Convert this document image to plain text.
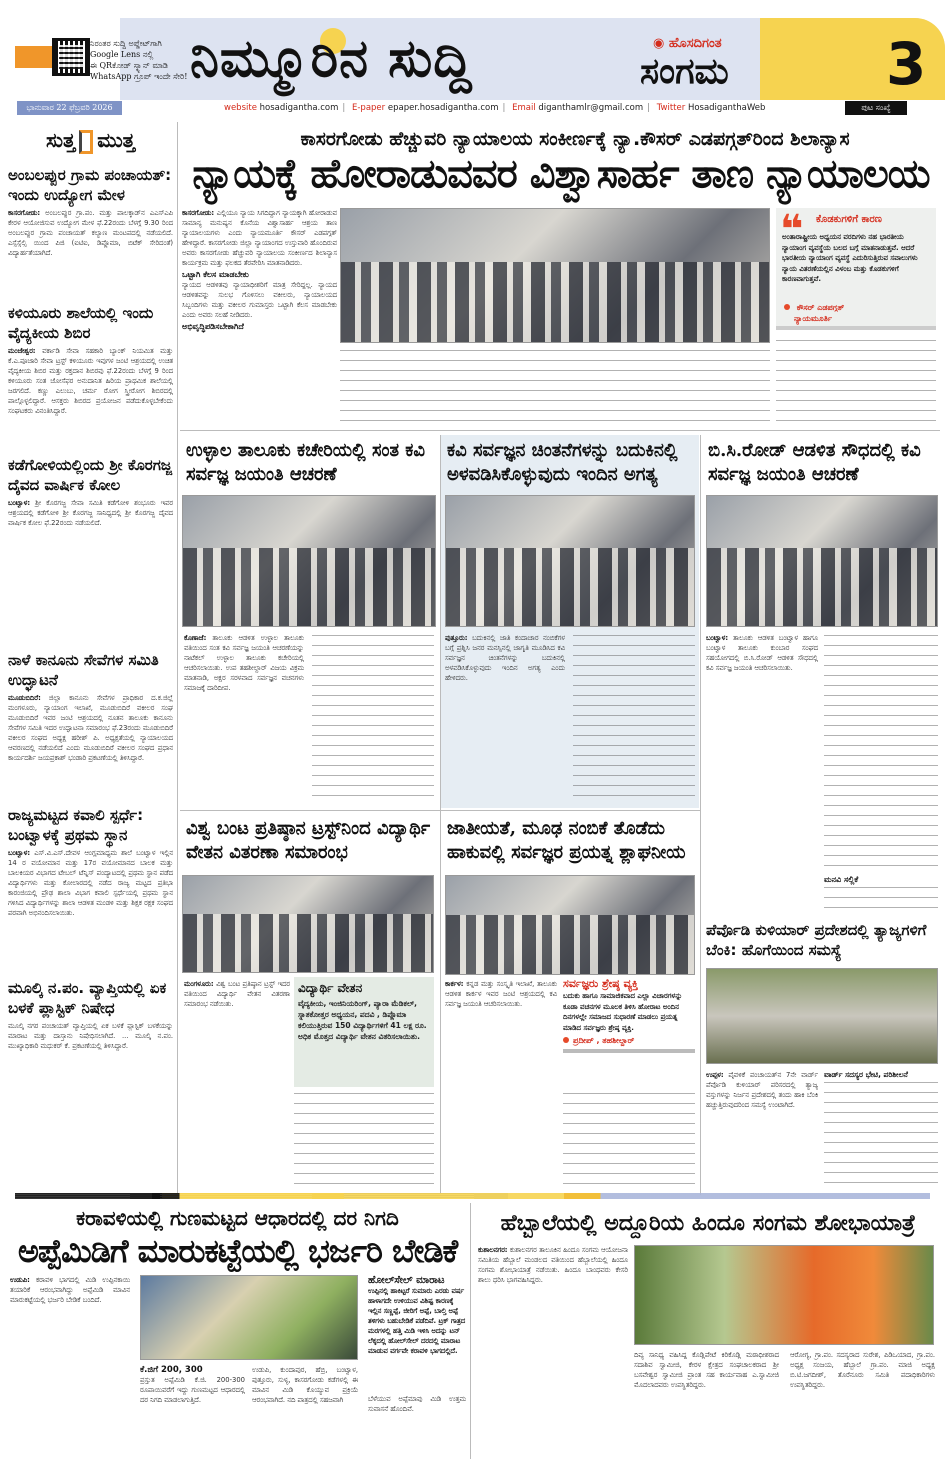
ನಿರಂತರ ಸುದ್ದಿ ಅಪ್ಡೇಟ್‌ಗಾಗಿ
Google Lens ನಲ್ಲಿ
ಈ QRಕೋಡ್ ಸ್ಕ್ಯಾನ್ ಮಾಡಿ
WhatsApp ಗ್ರೂಪ್ ಇಂದೇ ಸೇರಿ! ನಿಮ್ಮೂರಿನ ಸುದ್ದಿ	◉ ಹೊಸದಿಗಂತ
ಸಂಗಮ	3
ಭಾನುವಾರ 22 ಫೆಬ್ರವರಿ 2026	website hosadigantha.com | E-paper epaper.hosadigantha.com | Email diganthamlr@gmail.com | Twitter HosadiganthaWeb	ಪುಟ ಸಂಖ್ಯೆ
ಸುತ್ತ ಮುತ್ತ
ಅಂಬಲಪ್ಪುರ ಗ್ರಾಮ ಪಂಚಾಯತ್: ಇಂದು ಉದ್ಯೋಗ ಮೇಳ
ಕಾಸರಗೋಡು: ಅಂಬಲಪ್ಪುರ ಗ್ರಾ.ಪಂ. ಮತ್ತು ಪಾಲಕ್ಕಾಡ್‌ನ ಎಎಸ್‌ಎಪಿ ಕೇರಳ ಆಯೋಜಿಸುವ ಉದ್ಯೋಗ ಮೇಳ ಫೆ.22ರಂದು ಬೆಳಗ್ಗೆ 9.30 ರಿಂದ ಅಂಬಲಪ್ಪುರ ಗ್ರಾಮ ಪಂಚಾಯತ್ ಕಲ್ಯಾಣ ಮಂಟಪದಲ್ಲಿ ನಡೆಯಲಿದೆ. ಎಸ್ಸೆಸ್ಸೆಲ್ಸಿ ಯಿಂದ ಪಿಜಿ (ಐಟಿಐ, ಡಿಪ್ಲೊಮಾ, ಬಿಟೆಕ್ ಸೇರಿದಂತೆ) ವಿದ್ಯಾರ್ಹತೆಯಾಗಿದೆ.
ಕಳಿಯೂರು ಶಾಲೆಯಲ್ಲಿ ಇಂದು ವೈದ್ಯಕೀಯ ಶಿಬಿರ
ಮಂಜೇಶ್ವರ: ವರ್ಕಾಡಿ ಸೇವಾ ಸಹಕಾರಿ ಬ್ಯಾಂಕ್ ನಿಯಮಿತ ಮತ್ತು ಕೆ.ಎ.ಪೂಜಾರಿ ಸೇವಾ ಟ್ರಸ್ಟ್ ಕಳಿಯೂರು ಇವುಗಳ ಜಂಟಿ ಆಶ್ರಯದಲ್ಲಿ ಉಚಿತ ವೈದ್ಯಕೀಯ ಶಿಬಿರ ಮತ್ತು ರಕ್ತದಾನ ಶಿಬಿರವು ಫೆ.22ರಂದು ಬೆಳಗ್ಗೆ 9 ರಿಂದ ಕಳಿಯೂರು ಸಂತ ಜೋಸೆಫರ ಅನುದಾನಿತ ಹಿರಿಯ ಪ್ರಾಥಮಿಕ ಶಾಲೆಯಲ್ಲಿ ಜರಗಲಿದೆ. ಕಣ್ಣು ಎಲುಬು, ಚರ್ಮ ರೋಗ ಸ್ತ್ರೀರೋಗ ಶಿಬಿರದಲ್ಲಿ ಪಾಲ್ಗೊಳ್ಳಲಿದ್ದಾರೆ. ಆಸಕ್ತರು ಶಿಬಿರದ ಪ್ರಯೋಜನ ಪಡೆದುಕೊಳ್ಳಬೇಕೆಂದು ಸಂಘಟಕರು ವಿನಂತಿಸಿದ್ದಾರೆ.
ಕಡೆಗೋಳಿಯಲ್ಲಿಂದು ಶ್ರೀ ಕೊರಗಜ್ಜ ದೈವದ ವಾರ್ಷಿಕ ಕೋಲ
ಬಂಟ್ವಾಳ: ಶ್ರೀ ಕೊರಗಜ್ಜ ಸೇವಾ ಸಮಿತಿ ಕಡೆಗೋಳಿ ಶಂಭೂರು ಇವರ ಆಶ್ರಯದಲ್ಲಿ ಕಡೆಗೋಳಿ ಶ್ರೀ ಕೊರಗಜ್ಜ ಸಾನಿಧ್ಯದಲ್ಲಿ ಶ್ರೀ ಕೊರಗಜ್ಜ ದೈವದ ವಾರ್ಷಿಕ ಕೋಲ ಫೆ.22ರಂದು ನಡೆಯಲಿದೆ.
ನಾಳೆ ಕಾನೂನು ಸೇವೆಗಳ ಸಮಿತಿ ಉದ್ಘಾಟನೆ
ಮೂಡುಬಿದಿರೆ: ಜಿಲ್ಲಾ ಕಾನೂನು ಸೇವೆಗಳ ಪ್ರಾಧಿಕಾರ ದ.ಕ.ಜಿಲ್ಲೆ ಮಂಗಳೂರು, ನ್ಯಾಯಾಂಗ ಇಲಾಖೆ, ಮೂಡುಬಿದಿರೆ ವಕೀಲರ ಸಂಘ ಮೂಡುಬಿದಿರೆ ಇವರ ಜಂಟಿ ಆಶ್ರಯದಲ್ಲಿ ನೂತನ ತಾಲೂಕು ಕಾನೂನು ಸೇವೆಗಳ ಸಮಿತಿ ಇದರ ಉದ್ಘಾಟನಾ ಸಮಾರಂಭ ಫೆ.23ರಂದು ಮೂಡುಬಿದಿರೆ ವಕೀಲರ ಸಂಘದ ಅಧ್ಯಕ್ಷ ಹರೀಶ್ ಪಿ. ಅಧ್ಯಕ್ಷತೆಯಲ್ಲಿ ನ್ಯಾಯಾಲಯದ ಆವರಣದಲ್ಲಿ ನಡೆಯಲಿದೆ ಎಂದು ಮೂಡುಬಿದಿರೆ ವಕೀಲರ ಸಂಘದ ಪ್ರಧಾನ ಕಾರ್ಯದರ್ಶಿ ಜಯಪ್ರಕಾಶ್ ಭಂಡಾರಿ ಪ್ರಕಟಣೆಯಲ್ಲಿ ತಿಳಿಸಿದ್ದಾರೆ.
ರಾಜ್ಯಮಟ್ಟದ ಕವಾಲಿ ಸ್ಪರ್ಧೆ: ಬಂಟ್ವಾಳಕ್ಕೆ ಪ್ರಥಮ ಸ್ಥಾನ
ಬಂಟ್ವಾಳ: ಎಸ್.ವಿ.ಎಸ್.ದೇವಳ ಆಂಗ್ಲಮಾಧ್ಯಮ ಶಾಲೆ ಬಂಟ್ವಾಳ ಇಲ್ಲಿನ 14 ರ ವಯೋಮಾನ ಮತ್ತು 17ರ ವಯೋಮಾನದ ಬಾಲಕ ಮತ್ತು ಬಾಲಕಿಯರ ವಿಭಾಗದ ಟೇಬಲ್ ಟೆನ್ನಿಸ್ ಪಂದ್ಯಾಟದಲ್ಲಿ ಪ್ರಥಮ ಸ್ಥಾನ ಪಡೆದ ವಿದ್ಯಾರ್ಥಿಗಳು ಮತ್ತು ಕೋಲಾರದಲ್ಲಿ ನಡೆದ ರಾಜ್ಯ ಮಟ್ಟದ ಪ್ರತಿಭಾ ಕಾರಂಜಿಯಲ್ಲಿ ಪ್ರೌಢ ಶಾಲಾ ವಿಭಾಗ ಕವಾಲಿ ಸ್ಪರ್ಧೆಯಲ್ಲಿ ಪ್ರಥಮ ಸ್ಥಾನ ಗಳಿಸಿದ ವಿದ್ಯಾರ್ಥಿಗಳನ್ನು ಶಾಲಾ ಆಡಳಿತ ಮಂಡಳಿ ಮತ್ತು ಶಿಕ್ಷಕ ರಕ್ಷಕ ಸಂಘದ ಪರವಾಗಿ ಅಭಿನಂದಿಸಲಾಯಿತು.
ಮೂಲ್ಕಿ ನ.ಪಂ. ವ್ಯಾಪ್ತಿಯಲ್ಲಿ ಏಕ ಬಳಕೆ ಪ್ಲಾಸ್ಟಿಕ್ ನಿಷೇಧ
ಮೂಲ್ಕಿ ನಗರ ಪಂಚಾಯತ್ ವ್ಯಾಪ್ತಿಯಲ್ಲಿ ಏಕ ಬಳಕೆ ಪ್ಲಾಸ್ಟಿಕ್ ಬಳಕೆಯನ್ನು ಮಾರಾಟ ಮತ್ತು ದಾಸ್ತಾನು ನಿಷೇಧಿಸಲಾಗಿದೆ. ... ಮೂಲ್ಕಿ ನ.ಪಂ. ಮುಖ್ಯಾಧಿಕಾರಿ ಮಧುಕರ್ ಕೆ. ಪ್ರಕಟಣೆಯಲ್ಲಿ ತಿಳಿಸಿದ್ದಾರೆ.
ಕಾಸರಗೋಡು ಹೆಚ್ಚುವರಿ ನ್ಯಾಯಾಲಯ ಸಂಕೀರ್ಣಕ್ಕೆ ನ್ಯಾ.ಕೌಸರ್ ಎಡಪಗ್ಗತ್‌ರಿಂದ ಶಿಲಾನ್ಯಾಸ
ನ್ಯಾಯಕ್ಕೆ ಹೋರಾಡುವವರ ವಿಶ್ವಾಸಾರ್ಹ ತಾಣ ನ್ಯಾಯಾಲಯ
ಕಾಸರಗೋಡು: ಎಲ್ಲಿಯೂ ನ್ಯಾಯ ಸಿಗದಿದ್ದಾಗ ನ್ಯಾಯಕ್ಕಾಗಿ ಹೋರಾಡುವ ಸಾಮಾನ್ಯ ಮನುಷ್ಯನ ಕೊನೆಯ ವಿಶ್ವಾಸಾರ್ಹ ಆಶ್ರಯ ತಾಣ ನ್ಯಾಯಾಲಯಗಳು ಎಂದು ನ್ಯಾಯಮೂರ್ತಿ ಕೌಸರ್ ಎಡಪಗ್ಗತ್ ಹೇಳಿದ್ದಾರೆ. ಕಾಸರಗೋಡು ಜಿಲ್ಲಾ ನ್ಯಾಯಾಂಗದ ಉಸ್ತುವಾರಿ ಹೊಂದಿರುವ ಅವರು ಕಾಸರಗೋಡು ಹೆಚ್ಚುವರಿ ನ್ಯಾಯಾಲಯ ಸಂಕೀರ್ಣದ ಶಿಲಾನ್ಯಾಸ ಕಾರ್ಯಕ್ರಮ ಮತ್ತು ಫಲಕದ ತೆರವೇರಿಸಿ ಮಾತನಾಡಿದರು.
ಒಟ್ಟಾಗಿ ಕೆಲಸ ಮಾಡಬೇಕು
ನ್ಯಾಯದ ಆಡಳಿತವು ನ್ಯಾಯಾಧೀಶರಿಗೆ ಮಾತ್ರ ಸೇರಿದ್ದಲ್ಲ. ನ್ಯಾಯದ ಆಡಳಿತವನ್ನು ಸುಲಭ ಗೊಳಿಸಲು ವಕೀಲರು, ನ್ಯಾಯಾಲಯದ ಸಿಬ್ಬಂದಿಗಳು ಮತ್ತು ವಕೀಲರ ಗುಮಾಸ್ತರು ಒಟ್ಟಾಗಿ ಕೆಲಸ ಮಾಡಬೇಕು ಎಂದು ಅವರು ಸಲಹೆ ನೀಡಿದರು.
ಅಭಿವೃದ್ಧಿಪಡಿಸಬೇಕಾಗಿದೆ
❝ ಕೊಡಕುಗಳಿಗೆ ಕಾರಣ
ಅಂತಾರಾಷ್ಟ್ರೀಯ ಅಧ್ಯಯನ ವರದಿಗಳು ನಹ ಭಾರತೀಯ ನ್ಯಾಯಾಂಗ ವ್ಯವಸ್ಥೆಯ ಬಲದ ಬಗ್ಗೆ ಮಾತನಾಡುತ್ತವೆ. ಆದರೆ ಭಾರತೀಯ ನ್ಯಾಯಾಂಗ ವ್ಯವಸ್ಥೆ ಎದುರಿಸುತ್ತಿರುವ ಸವಾಲುಗಳು ನ್ಯಾಯ ವಿತರಣೆಯಲ್ಲಿನ ವಿಳಂಬ ಮತ್ತು ಕೊಡಕುಗಳಿಗೆ ಕಾರಣವಾಗುತ್ತವೆ.
ಕೌಸರ್ ಎಡಪಗ್ಗತ್
ನ್ಯಾಯಮೂರ್ತಿ
ಉಳ್ಳಾಲ ತಾಲೂಕು ಕಚೇರಿಯಲ್ಲಿ ಸಂತ ಕವಿ ಸರ್ವಜ್ಞ ಜಯಂತಿ ಆಚರಣೆ
ಕೊಣಾಜೆ: ತಾಲೂಕು ಆಡಳಿತ ಉಳ್ಳಾಲ ತಾಲೂಕು ವತಿಯಿಂದ ಸಂತ ಕವಿ ಸರ್ವಜ್ಞ ಜಯಂತಿ ಆಚರಣೆಯನ್ನು ನಾಟೆಕಲ್ ಉಳ್ಳಾಲ ತಾಲೂಕು ಕಚೇರಿಯಲ್ಲಿ ಆಚರಿಸಲಾಯಿತು. ಉಪ ತಹಶೀಲ್ದಾರ್ ವಿಜಯ ವಿಕ್ರಮ ಮಾತನಾಡಿ, ಅಕ್ಷರ ಸರಳವಾದ ಸರ್ವಜ್ಞನ ವಚನಗಳು ಸಮಾಜಕ್ಕೆ ದಾರಿದೀಪ.
ಕವಿ ಸರ್ವಜ್ಞನ ಚಿಂತನೆಗಳನ್ನು ಬದುಕಿನಲ್ಲಿ ಅಳವಡಿಸಿಕೊಳ್ಳುವುದು ಇಂದಿನ ಅಗತ್ಯ
ಪುತ್ತೂರು: ಬದುಕಿನಲ್ಲಿ ಜಾತಿ ಕಂದಾಚಾರ ನಂಬಿಕೆಗಳ ಬಗ್ಗೆ ಪ್ರಶ್ನಿಸಿ ಜನರ ಮನಸ್ಸಿನಲ್ಲಿ ಜಾಗೃತಿ ಮೂಡಿಸಿದ ಕವಿ ಸರ್ವಜ್ಞನ ಚಿಂತನೆಗಳನ್ನು ಬದುಕಿನಲ್ಲಿ ಅಳವಡಿಸಿಕೊಳ್ಳುವುದು ಇಂದಿನ ಅಗತ್ಯ ಎಂದು ಹೇಳಿದರು.
ಬಿ.ಸಿ.ರೋಡ್ ಆಡಳಿತ ಸೌಧದಲ್ಲಿ ಕವಿ ಸರ್ವಜ್ಞ ಜಯಂತಿ ಆಚರಣೆ
ಬಂಟ್ವಾಳ: ತಾಲೂಕು ಆಡಳಿತ ಬಂಟ್ವಾಳ ಹಾಗೂ ಬಂಟ್ವಾಳ ತಾಲೂಕು ಕುಂಬಾರ ಸಂಘದ ಸಹಯೋಗದಲ್ಲಿ ಬಿ.ಸಿ.ರೋಡ್ ಆಡಳಿತ ಸೌಧದಲ್ಲಿ ಕವಿ ಸರ್ವಜ್ಞ ಜಯಂತಿ ಆಚರಿಸಲಾಯಿತು.
ಮನವಿ ಸಲ್ಲಿಕೆ
ವಿಶ್ವ ಬಂಟ ಪ್ರತಿಷ್ಠಾನ ಟ್ರಸ್ಟ್‌ನಿಂದ ವಿದ್ಯಾರ್ಥಿ ವೇತನ ವಿತರಣಾ ಸಮಾರಂಭ
ಮಂಗಳೂರು: ವಿಶ್ವ ಬಂಟ ಪ್ರತಿಷ್ಠಾನ ಟ್ರಸ್ಟ್ ಇದರ ವತಿಯಿಂದ ವಿದ್ಯಾರ್ಥಿ ವೇತನ ವಿತರಣಾ ಸಮಾರಂಭ ನಡೆಯಿತು.
ವಿದ್ಯಾರ್ಥಿ ವೇತನ
ವೈದ್ಯಕೀಯ, ಇಂಜಿನಿಯರಿಂಗ್, ಪ್ಯಾರಾ ಮೆಡಿಕಲ್, ಸ್ನಾತಕೋತ್ತರ ಅಧ್ಯಯನ, ಪದವಿ , ಡಿಪ್ಲೊಮಾ ಕಲಿಯುತ್ತಿರುವ 150 ವಿದ್ಯಾರ್ಥಿಗಳಿಗೆ 41 ಲಕ್ಷ ರೂ. ಅಧಿಕ ಮೊತ್ತದ ವಿದ್ಯಾರ್ಥಿ ವೇತನ ವಿತರಿಸಲಾಯಿತು.
ಜಾತೀಯತೆ, ಮೂಢ ನಂಬಿಕೆ ತೊಡೆದು ಹಾಕುವಲ್ಲಿ ಸರ್ವಜ್ಞರ ಪ್ರಯತ್ನ ಶ್ಲಾಘನೀಯ
ಕಾರ್ಕಳ: ಕನ್ನಡ ಮತ್ತು ಸಂಸ್ಕೃತಿ ಇಲಾಖೆ, ತಾಲೂಕು ಆಡಳಿತ ಕಾರ್ಕಳ ಇವರ ಜಂಟಿ ಆಶ್ರಯದಲ್ಲಿ ಕವಿ ಸರ್ವಜ್ಞ ಜಯಂತಿ ಆಚರಿಸಲಾಯಿತು.
ಸರ್ವಜ್ಞರು ಶ್ರೇಷ್ಠ ವ್ಯಕ್ತಿ
ಬದುಕು ಹಾಗೂ ಸಾಮಾಜಿಕವಾದ ಎಲ್ಲಾ ವಿಚಾರಗಳನ್ನು ಕೂಡಾ ವಚನಗಳ ಮೂಲಕ ತಿಳಿಸಿ ಹೋರಾಟ ಅಂದಿನ ದಿನಗಳಲ್ಲೇ ಸಮಾಜದ ಸುಧಾರಣೆ ಮಾಡಲು ಪ್ರಯತ್ನ ಮಾಡಿದ ಸರ್ವಜ್ಞರು ಶ್ರೇಷ್ಠ ವ್ಯಕ್ತಿ.
ಪ್ರದೀಪ್ , ತಹಶೀಲ್ದಾರ್
ಪೆರ್ವೊಡಿ ಕುಳಿಯಾರ್ ಪ್ರದೇಶದಲ್ಲಿ ತ್ಯಾಜ್ಯಗಳಿಗೆ ಬೆಂಕಿ: ಹೊಗೆಯಿಂದ ಸಮಸ್ಯೆ
ಉಪ್ಪಳ: ಪೈವಳಿಕೆ ಪಂಚಾಯತ್‌ನ 7ನೇ ವಾರ್ಡ್ ಪೆರ್ವೊಡಿ ಕುಳಿಯಾರ್ ಪರಿಸರದಲ್ಲಿ ತ್ಯಾಜ್ಯ ವಸ್ತುಗಳನ್ನು ನಿರ್ಜನ ಪ್ರದೇಶದಲ್ಲಿ ತಂದು ಹಾಕಿ ಬೆಂಕಿ ಹಚ್ಚುತ್ತಿರುವುದರಿಂದ ಸಮಸ್ಯೆ ಉಂಟಾಗಿದೆ.
ವಾರ್ಡ್ ಸದಸ್ಯರ ಭೇಟಿ, ಪರಿಶೀಲನೆ
ಕರಾವಳಿಯಲ್ಲಿ ಗುಣಮಟ್ಟದ ಆಧಾರದಲ್ಲಿ ದರ ನಿಗದಿ
ಅಪ್ಪೆಮಿಡಿಗೆ ಮಾರುಕಟ್ಟೆಯಲ್ಲಿ ಭರ್ಜರಿ ಬೇಡಿಕೆ
ಉಡುಪಿ: ಕರಾವಳಿ ಭಾಗದಲ್ಲಿ ಮಿಡಿ ಉಪ್ಪಿನಕಾಯಿ ತಯಾರಿಕೆ ಆರಂಭವಾಗಿದ್ದು ಅಪ್ಪೆಮಿಡಿ ಮಾವಿನ ಮಾರುಕಟ್ಟೆಯಲ್ಲಿ ಭರ್ಜರಿ ಬೇಡಿಕೆ ಬಂದಿದೆ.
ಕೆ.ಜಿಗೆ 200, 300
ಪ್ರಸ್ತುತ ಅಪ್ಪೆಮಿಡಿ ಕೆ.ಜಿ. 200-300 ರೂಪಾಯಿವರೆಗೆ ಇದ್ದು ಗುಣಮಟ್ಟದ ಆಧಾರದಲ್ಲಿ ದರ ನಿಗದಿ ಮಾಡಲಾಗುತ್ತಿದೆ.
ಉಡುಪಿ, ಕುಂದಾಪುರ, ಹೆಬ್ರಿ, ಬಂಟ್ವಾಳ, ಪುತ್ತೂರು, ಸುಳ್ಯ, ಕಾಸರಗೋಡು ಕಡೆಗಳಲ್ಲಿ ಈ ಮಾವಿನ ಮಿಡಿ ಕೊಯ್ಯುವ ಪ್ರಕ್ರಿಯೆ ಆರಂಭವಾಗಿದೆ. ನದಿ ಪಾತ್ರದಲ್ಲಿ ಸಹಜವಾಗಿ
ಹೋಲ್‌ಸೇಲ್ ಮಾರಾಟ
ಉಪ್ಪಿನಲ್ಲಿ ಹಾಕಿಟ್ಟರೆ ಸುಮಾರು ಎರಡು ವರ್ಷ ಹಾಳಾಗದೇ ಉಳಿಯುವ ವಿಶಿಷ್ಟ ಕಾರಣಕ್ಕೆ ಇಲ್ಲಿನ ಸಣ್ಣಪ್ಪೆ, ಜೀರಿಗೆ ಅಪ್ಪೆ, ಬಾಲ್ತಿ ಅಪ್ಪೆ ತಳಿಗಳು ಬಹುಬೇಡಿಕೆ ಪಡೆದಿವೆ. ಟ್ರಕ್ ಗಾತ್ರದ ಮರಗಳಲ್ಲಿ ಹತ್ತಿ ಮಿಡಿ ಇಳಿಸಿ ಅದನ್ನು ಟನ್ ಲೆಕ್ಕದಲ್ಲಿ ಹೋಲ್‌ಸೇಲ್ ದರದಲ್ಲಿ ಮಾರಾಟ ಮಾಡುವ ವರ್ಗವೇ ಕರಾವಳಿ ಭಾಗದಲ್ಲಿದೆ.
ಬೆಳೆಯುವ ಅಪ್ಪೆಮಾವು ಮಿಡಿ ಉತ್ತಮ ಸುವಾಸನೆ ಹೊಂದಿವೆ.
ಹೆಬ್ಬಾಲೆಯಲ್ಲಿ ಅದ್ದೂರಿಯ ಹಿಂದೂ ಸಂಗಮ ಶೋಭಾಯಾತ್ರೆ
ಕುಶಾಲನಗರ: ಕುಶಾಲನಗರ ತಾಲೂಕಿನ ಹಿಂದೂ ಸಂಗಮ ಆಯೋಜನಾ ಸಮಿತಿಯ ಹೆಬ್ಬಾಲೆ ಮಂಡಲದ ವತಿಯಿಂದ ಹೆಬ್ಬಾಲೆಯಲ್ಲಿ ಹಿಂದೂ ಸಂಗಮ ಶೋಭಾಯಾತ್ರೆ ನಡೆಯಿತು. ಹಿಂದೂ ಬಾಂಧವರು ಕೇಸರಿ ಶಾಲು ಧರಿಸಿ ಭಾಗವಹಿಸಿದ್ದರು.
ದಿವ್ಯ ಸಾನಿಧ್ಯ ವಹಿಸಿದ್ದ ಕೊಡ್ಲಿಪೇಟೆ ಕಿರಿಕೊಡ್ಲಿ ಮಠಾಧೀಶರಾದ ಸದಾಶಿವ ಸ್ವಾಮೀಜಿ, ಕೇರಳ ಕ್ಷೇತ್ರದ ಸಂಘಚಾಲಕರಾದ ಶ್ರೀ ಬಸವೇಶ್ವರ ಸ್ವಾಮೀಜಿ ಪ್ರಾಂತ ಸಹ ಕಾರ್ಯವಾಹ ಎ.ಸ್ವಾಮೀಜಿ ಮೊದಲಾದವರು ಉಪಸ್ಥಿತರಿದ್ದರು.
ಆರೋಗ್ಯ, ಗ್ರಾ.ಪಂ. ಸದಸ್ಯರಾದ ಸುರೇಶ, ಪಿಡಿಒಯಾದ, ಗ್ರಾ.ಪಂ. ಅಧ್ಯಕ್ಷ ಸಂಜಯ, ಹೆಬ್ಬಾಲೆ ಗ್ರಾ.ಪಂ. ಮಾಜಿ ಅಧ್ಯಕ್ಷ ಬಿ.ಟಿ.ಜಗದೀಶ್, ತೊರೆನೂರು ಸಮಿತಿ ಪದಾಧಿಕಾರಿಗಳು ಉಪಸ್ಥಿತರಿದ್ದರು.
